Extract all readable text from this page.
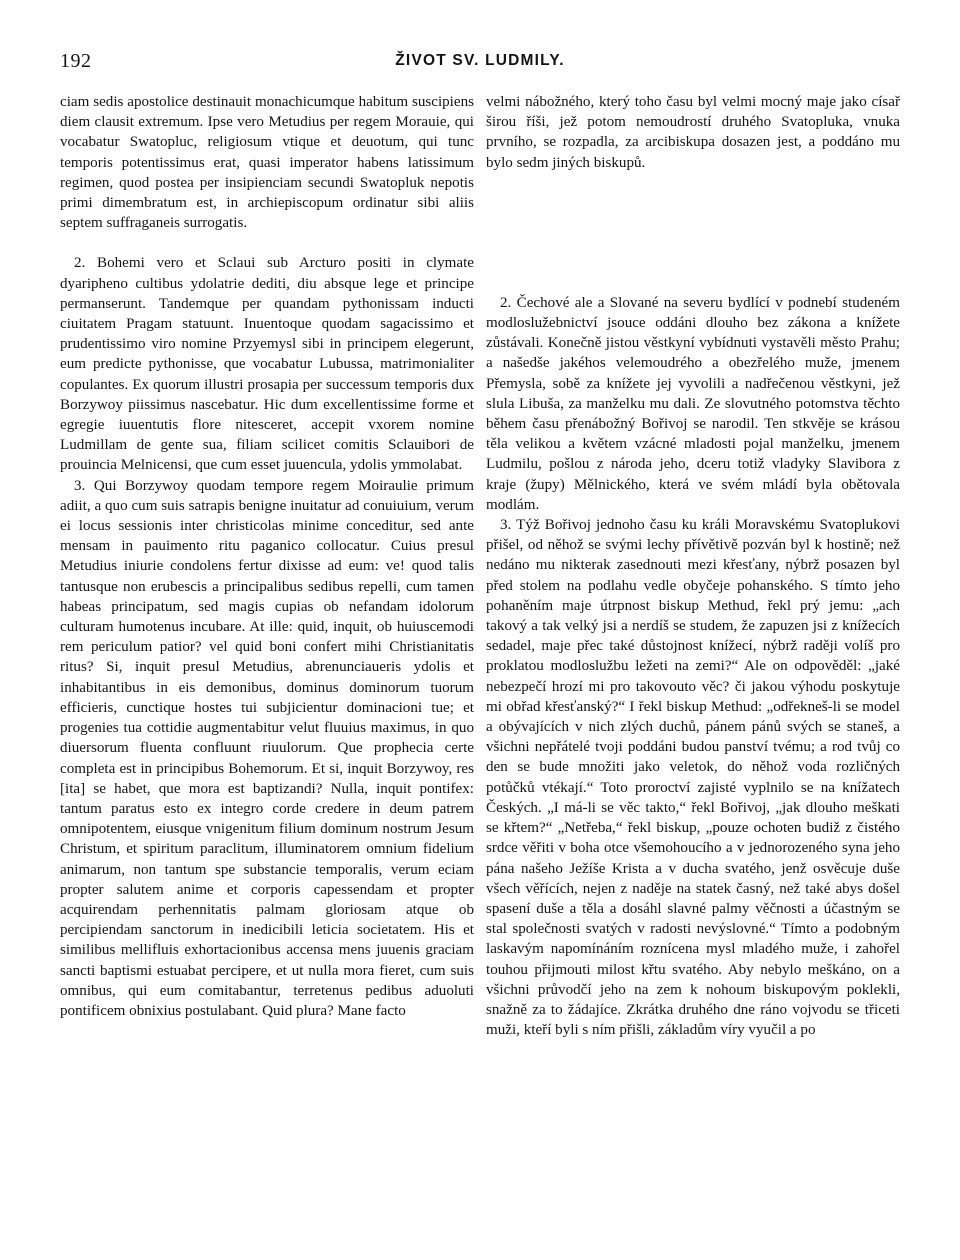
192	ŽIVOT SV. LUDMILY.

ciam sedis apostolice destinauit monachicumque habitum suscipiens diem clausit extremum. Ipse vero Metudius per regem Morauie, qui vocabatur Swatopluc, religiosum vtique et deuotum, qui tunc temporis potentissimus erat, quasi imperator habens latissimum regimen, quod postea per insipienciam secundi Swatopluk nepotis primi dimembratum est, in archiepiscopum ordinatur sibi aliis septem suffraganeis surrogatis.

2. Bohemi vero et Sclaui sub Arcturo positi in clymate dyaripheno cultibus ydolatrie dediti, diu absque lege et principe permanserunt. Tandemque per quandam pythonissam inducti ciuitatem Pragam statuunt. Inuentoque quodam sagacissimo et prudentissimo viro nomine Przyemysl sibi in principem elegerunt, eum predicte pythonisse, que vocabatur Lubussa, matrimonialiter copulantes. Ex quorum illustri prosapia per successum temporis dux Borzywoy piissimus nascebatur. Hic dum excellentissime forme et egregie iuuentutis flore nitesceret, accepit vxorem nomine Ludmillam de gente sua, filiam scilicet comitis Sclauibori de prouincia Melnicensi, que cum esset juuencula, ydolis ymmolabat.

3. Qui Borzywoy quodam tempore regem Moiraulie primum adiit, a quo cum suis satrapis benigne inuitatur ad conuiuium, verum ei locus sessionis inter christicolas minime conceditur, sed ante mensam in pauimento ritu paganico collocatur. Cuius presul Metudius iniurie condolens fertur dixisse ad eum: ve! quod talis tantusque non erubescis a principalibus sedibus repelli, cum tamen habeas principatum, sed magis cupias ob nefandam idolorum culturam humotenus incubare. At ille: quid, inquit, ob huiuscemodi rem periculum patior? vel quid boni confert mihi Christianitatis ritus? Si, inquit presul Metudius, abrenunciaueris ydolis et inhabitantibus in eis demonibus, dominus dominorum tuorum efficieris, cunctique hostes tui subjicientur dominacioni tue; et progenies tua cottidie augmentabitur velut fluuius maximus, in quo diuersorum fluenta confluunt riuulorum. Que prophecia certe completa est in principibus Bohemorum. Et si, inquit Borzywoy, res [ita] se habet, que mora est baptizandi? Nulla, inquit pontifex: tantum paratus esto ex integro corde credere in deum patrem omnipotentem, eiusque vnigenitum filium dominum nostrum Jesum Christum, et spiritum paraclitum, illuminatorem omnium fidelium animarum, non tantum spe substancie temporalis, verum eciam propter salutem anime et corporis capessendam et propter acquirendam perhennitatis palmam gloriosam atque ob percipiendam sanctorum in inedicibili leticia societatem. His et similibus mellifluis exhortacionibus accensa mens juuenis graciam sancti baptismi estuabat percipere, et ut nulla mora fieret, cum suis omnibus, qui eum comitabantur, terretenus pedibus aduoluti pontificem obnixius postulabant. Quid plura? Mane facto

velmi nábožného, který toho času byl velmi mocný maje jako císař širou říši, jež potom nemoudrostí druhého Svatopluka, vnuka prvního, se rozpadla, za arcibiskupa dosazen jest, a poddáno mu bylo sedm jiných biskupů.

2. Čechové ale a Slované na severu bydlící v podnebí studeném modloslužebnictví jsouce oddáni dlouho bez zákona a knížete zůstávali. Konečně jistou věstkyní vybídnuti vystavěli město Prahu; a našedše jakéhos velemoudrého a obezřelého muže, jmenem Přemysla, sobě za knížete jej vyvolili a nadřečenou věstkyni, jež slula Libuša, za manželku mu dali. Ze slovutného potomstva těchto během času přenábožný Bořivoj se narodil. Ten stkvěje se krásou těla velikou a květem vzácné mladosti pojal manželku, jmenem Ludmilu, pošlou z národa jeho, dceru totiž vladyky Slavibora z kraje (župy) Mělnického, která ve svém mládí byla obětovala modlám.

3. Týž Bořivoj jednoho času ku králi Moravskému Svatoplukovi přišel, od něhož se svými lechy přívětivě pozván byl k hostině; než nedáno mu nikterak zasednouti mezi křesťany, nýbrž posazen byl před stolem na podlahu vedle obyčeje pohanského. S tímto jeho pohaněním maje útrpnost biskup Methud, řekl prý jemu: „ach takový a tak velký jsi a nerdíš se studem, že zapuzen jsi z knížecích sedadel, maje přec také důstojnost knížecí, nýbrž raději volíš pro proklatou modloslužbu ležeti na zemi?“ Ale on odpověděl: „jaké nebezpečí hrozí mi pro takovouto věc? či jakou výhodu poskytuje mi obřad křesťanský?“ I řekl biskup Methud: „odřekneš-li se model a obývajících v nich zlých duchů, pánem pánů svých se staneš, a všichni nepřátelé tvoji poddáni budou panství tvému; a rod tvůj co den se bude množiti jako veletok, do něhož voda rozličných potůčků vtékají.“ Toto proroctví zajisté vyplnilo se na knížatech Českých. „I má-li se věc takto,“ řekl Bořivoj, „jak dlouho meškati se křtem?“ „Netřeba,“ řekl biskup, „pouze ochoten budiž z čistého srdce věřiti v boha otce všemohoucího a v jednorozeného syna jeho pána našeho Ježíše Krista a v ducha svatého, jenž osvěcuje duše všech věřících, nejen z naděje na statek časný, než také abys došel spasení duše a těla a dosáhl slavné palmy věčnosti a účastným se stal společnosti svatých v radosti nevýslovné.“ Tímto a podobným laskavým napomínáním roznícena mysl mladého muže, i zahořel touhou přijmouti milost křtu svatého. Aby nebylo meškáno, on a všichni průvodčí jeho na zem k nohoum biskupovým poklekli, snažně za to žádajíce. Zkrátka druhého dne ráno vojvodu se třiceti muži, kteří byli s ním přišli, základům víry vyučil a po
